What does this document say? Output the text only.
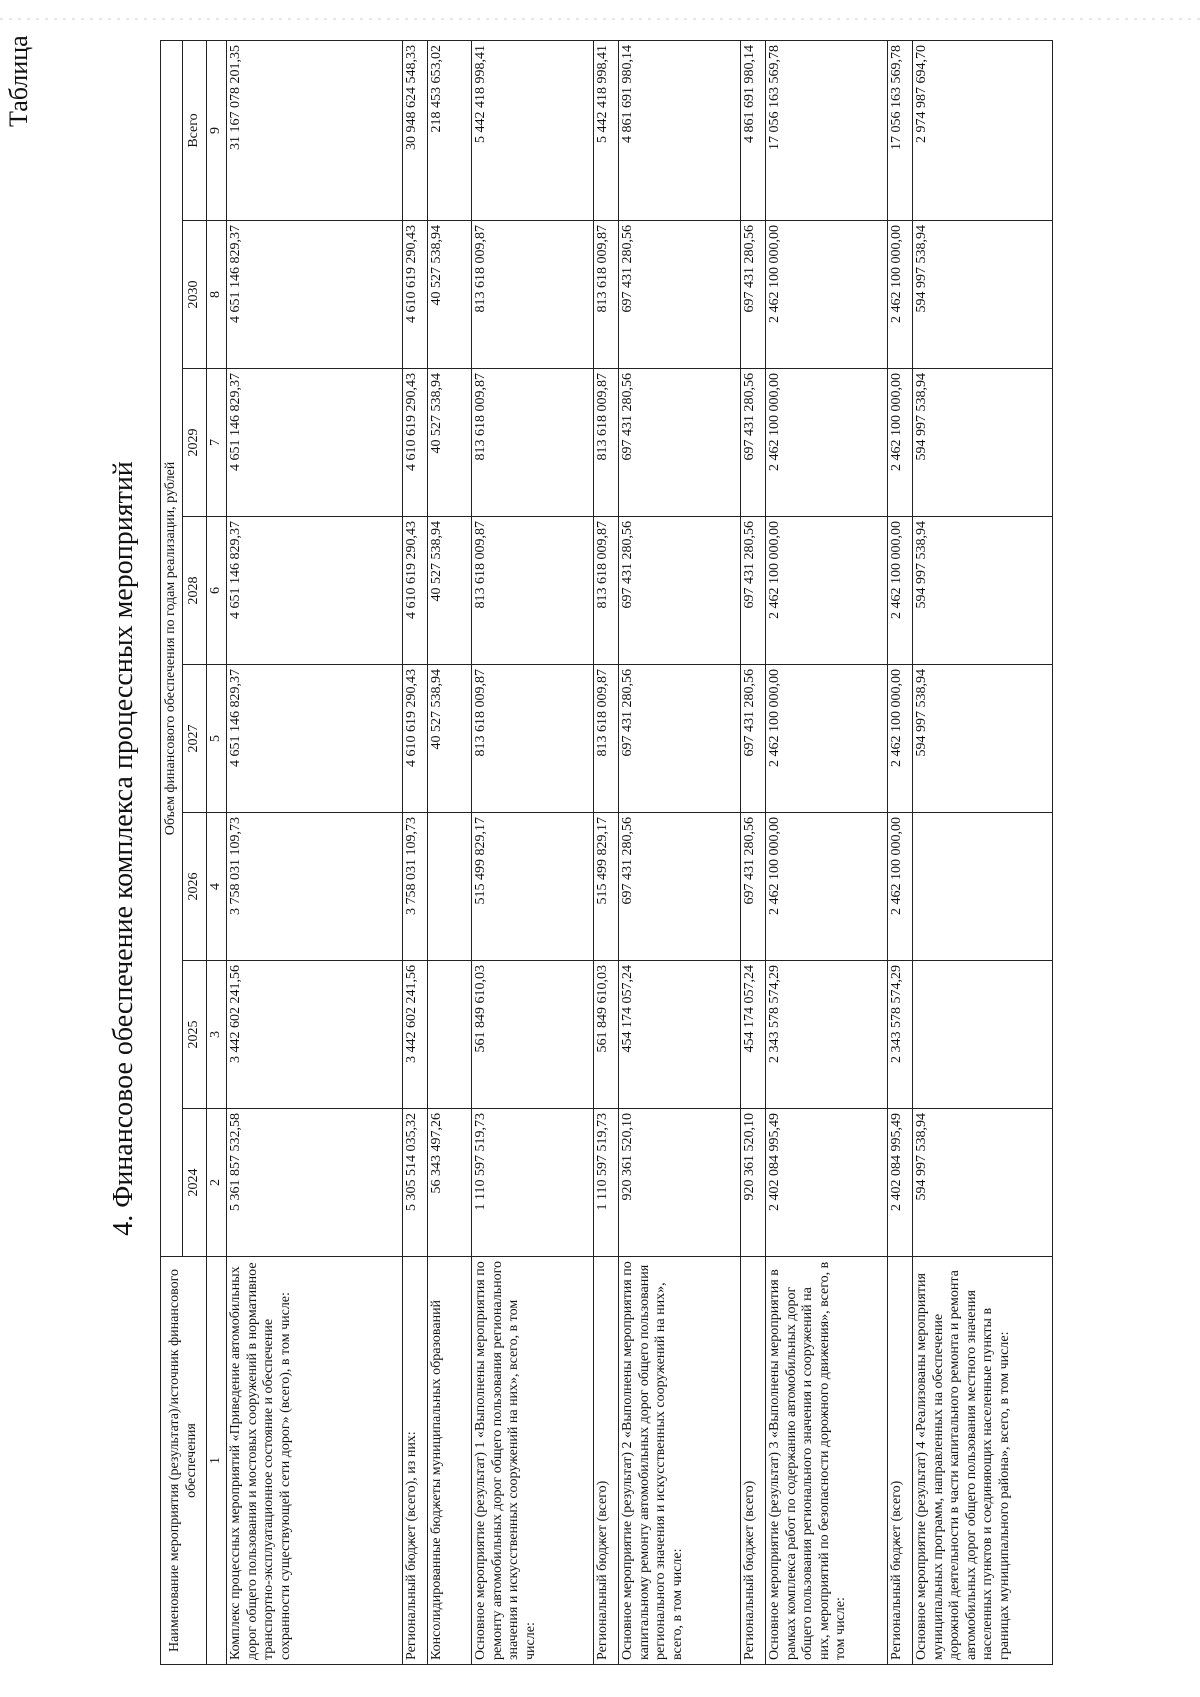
Таблица
4. Финансовое обеспечение комплекса процессных мероприятий
Наименование мероприятия (результата)/источник финансового обеспечения	Объем финансового обеспечения по годам реализации, рублей							
	2024	2025	2026	2027	2028	2029	2030	Всего
1	2	3	4	5	6	7	8	9
Комплекс процессных мероприятий «Приведение автомобильных дорог общего пользования и мостовых сооружений в нормативное транспортно-эксплуатационное состояние и обеспечение сохранности существующей сети дорог» (всего), в том числе:	5 361 857 532,58	3 442 602 241,56	3 758 031 109,73	4 651 146 829,37	4 651 146 829,37	4 651 146 829,37	4 651 146 829,37	31 167 078 201,35
Региональный бюджет (всего), из них:	5 305 514 035,32	3 442 602 241,56	3 758 031 109,73	4 610 619 290,43	4 610 619 290,43	4 610 619 290,43	4 610 619 290,43	30 948 624 548,33
Консолидированные бюджеты муниципальных образований	56 343 497,26			40 527 538,94	40 527 538,94	40 527 538,94	40 527 538,94	218 453 653,02
Основное мероприятие (результат) 1 «Выполнены мероприятия по ремонту автомобильных дорог общего пользования регионального значения и искусственных сооружений на них», всего, в том числе:	1 110 597 519,73	561 849 610,03	515 499 829,17	813 618 009,87	813 618 009,87	813 618 009,87	813 618 009,87	5 442 418 998,41
Региональный бюджет (всего)	1 110 597 519,73	561 849 610,03	515 499 829,17	813 618 009,87	813 618 009,87	813 618 009,87	813 618 009,87	5 442 418 998,41
Основное мероприятие (результат) 2 «Выполнены мероприятия по капитальному ремонту автомобильных дорог общего пользования регионального значения и искусственных сооружений на них», всего, в том числе:	920 361 520,10	454 174 057,24	697 431 280,56	697 431 280,56	697 431 280,56	697 431 280,56	697 431 280,56	4 861 691 980,14
Региональный бюджет (всего)	920 361 520,10	454 174 057,24	697 431 280,56	697 431 280,56	697 431 280,56	697 431 280,56	697 431 280,56	4 861 691 980,14
Основное мероприятие (результат) 3 «Выполнены мероприятия в рамках комплекса работ по содержанию автомобильных дорог общего пользования регионального значения и сооружений на них, мероприятий по безопасности дорожного движения», всего, в том числе:	2 402 084 995,49	2 343 578 574,29	2 462 100 000,00	2 462 100 000,00	2 462 100 000,00	2 462 100 000,00	2 462 100 000,00	17 056 163 569,78
Региональный бюджет (всего)	2 402 084 995,49	2 343 578 574,29	2 462 100 000,00	2 462 100 000,00	2 462 100 000,00	2 462 100 000,00	2 462 100 000,00	17 056 163 569,78
Основное мероприятие (результат) 4 «Реализованы мероприятия муниципальных программ, направленных на обеспечение дорожной деятельности в части капитального ремонта и ремонта автомобильных дорог общего пользования местного значения населенных пунктов и соединяющих населенные пункты в границах муниципального района», всего, в том числе:	594 997 538,94			594 997 538,94	594 997 538,94	594 997 538,94	594 997 538,94	2 974 987 694,70
